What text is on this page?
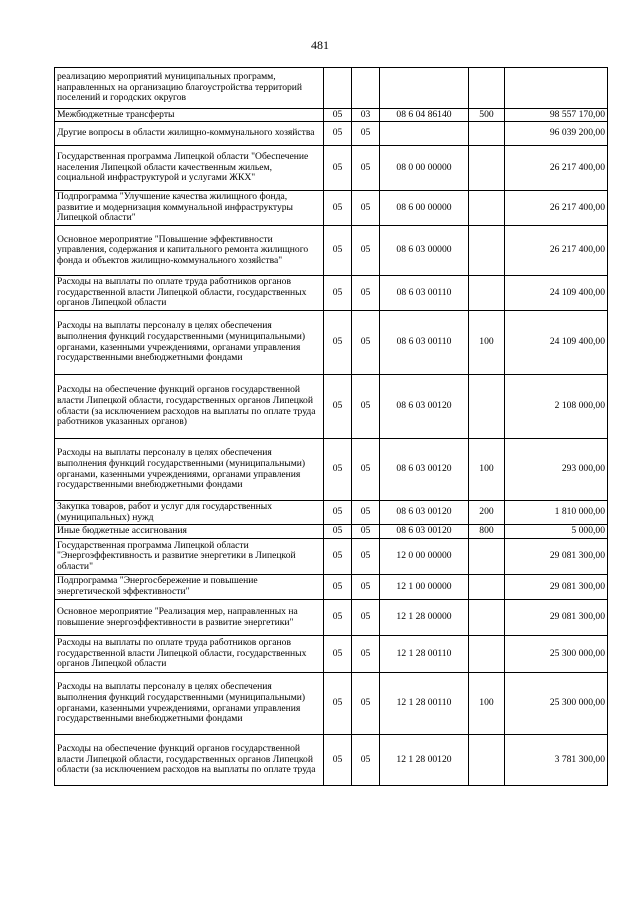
481
реализацию мероприятий муниципальных программ, направленных на организацию благоустройства территорий поселений и городских округов					
Межбюджетные трансферты	05	03	08 6 04 86140	500	98 557 170,00
Другие вопросы в области жилищно-коммунального хозяйства	05	05			96 039 200,00
Государственная программа Липецкой области "Обеспечение населения Липецкой области качественным жильем, социальной инфраструктурой и услугами ЖКХ"	05	05	08 0 00 00000		26 217 400,00
Подпрограмма "Улучшение качества жилищного фонда, развитие и модернизация коммунальной инфраструктуры Липецкой области"	05	05	08 6 00 00000		26 217 400,00
Основное мероприятие "Повышение эффективности управления, содержания и капитального ремонта жилищного фонда и объектов жилищно-коммунального хозяйства"	05	05	08 6 03 00000		26 217 400,00
Расходы на выплаты по оплате труда работников органов государственной власти Липецкой области, государственных органов Липецкой области	05	05	08 6 03 00110		24 109 400,00
Расходы на выплаты персоналу в целях обеспечения выполнения функций государственными (муниципальными) органами, казенными учреждениями, органами управления государственными внебюджетными фондами	05	05	08 6 03 00110	100	24 109 400,00
Расходы на обеспечение функций органов государственной власти Липецкой области, государственных органов Липецкой области (за исключением расходов на выплаты по оплате труда работников указанных органов)	05	05	08 6 03 00120		2 108 000,00
Расходы на выплаты персоналу в целях обеспечения выполнения функций государственными (муниципальными) органами, казенными учреждениями, органами управления государственными внебюджетными фондами	05	05	08 6 03 00120	100	293 000,00
Закупка товаров, работ и услуг для государственных (муниципальных) нужд	05	05	08 6 03 00120	200	1 810 000,00
Иные бюджетные ассигнования	05	05	08 6 03 00120	800	5 000,00
Государственная программа Липецкой области "Энергоэффективность и развитие энергетики в Липецкой области"	05	05	12 0 00 00000		29 081 300,00
Подпрограмма "Энергосбережение и повышение энергетической эффективности"	05	05	12 1 00 00000		29 081 300,00
Основное мероприятие "Реализация мер, направленных на повышение энергоэффективности в развитие энергетики"	05	05	12 1 28 00000		29 081 300,00
Расходы на выплаты по оплате труда работников органов государственной власти Липецкой области, государственных органов Липецкой области	05	05	12 1 28 00110		25 300 000,00
Расходы на выплаты персоналу в целях обеспечения выполнения функций государственными (муниципальными) органами, казенными учреждениями, органами управления государственными внебюджетными фондами	05	05	12 1 28 00110	100	25 300 000,00
Расходы на обеспечение функций органов государственной власти Липецкой области, государственных органов Липецкой области (за исключением расходов на выплаты по оплате труда	05	05	12 1 28 00120		3 781 300,00
